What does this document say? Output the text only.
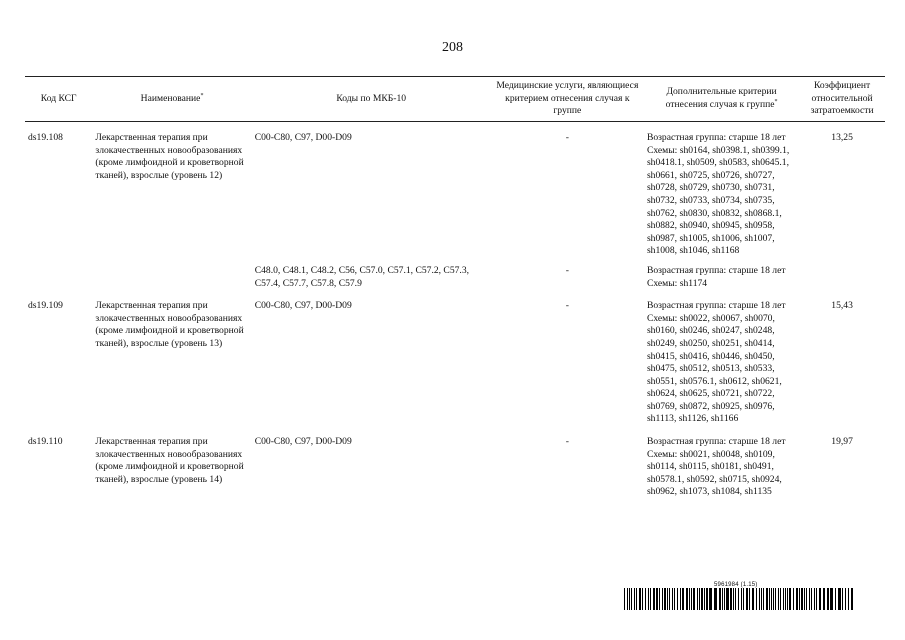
208
Код КСГ	Наименование*	Коды по МКБ-10	Медицинские услуги, являющиеся критерием отнесения случая к группе	Дополнительные критерии отнесения случая к группе*	Коэффициент относительной затратоемкости
ds19.108	Лекарственная терапия при злокачественных новообразованиях (кроме лимфоидной и кроветворной тканей), взрослые (уровень 12)	C00-C80, C97, D00-D09	-	Возрастная группа: старше 18 лет Схемы: sh0164, sh0398.1, sh0399.1, sh0418.1, sh0509, sh0583, sh0645.1, sh0661, sh0725, sh0726, sh0727, sh0728, sh0729, sh0730, sh0731, sh0732, sh0733, sh0734, sh0735, sh0762, sh0830, sh0832, sh0868.1, sh0882, sh0940, sh0945, sh0958, sh0987, sh1005, sh1006, sh1007, sh1008, sh1046, sh1168	13,25
		C48.0, C48.1, C48.2, C56, C57.0, C57.1, C57.2, C57.3, C57.4, C57.7, C57.8, C57.9	-	Возрастная группа: старше 18 лет Схемы: sh1174	
ds19.109	Лекарственная терапия при злокачественных новообразованиях (кроме лимфоидной и кроветворной тканей), взрослые (уровень 13)	C00-C80, C97, D00-D09	-	Возрастная группа: старше 18 лет Схемы: sh0022, sh0067, sh0070, sh0160, sh0246, sh0247, sh0248, sh0249, sh0250, sh0251, sh0414, sh0415, sh0416, sh0446, sh0450, sh0475, sh0512, sh0513, sh0533, sh0551, sh0576.1, sh0612, sh0621, sh0624, sh0625, sh0721, sh0722, sh0769, sh0872, sh0925, sh0976, sh1113, sh1126, sh1166	15,43
ds19.110	Лекарственная терапия при злокачественных новообразованиях (кроме лимфоидной и кроветворной тканей), взрослые (уровень 14)	C00-C80, C97, D00-D09	-	Возрастная группа: старше 18 лет Схемы: sh0021, sh0048, sh0109, sh0114, sh0115, sh0181, sh0491, sh0578.1, sh0592, sh0715, sh0924, sh0962, sh1073, sh1084, sh1135	19,97
5961984 (1.15)
